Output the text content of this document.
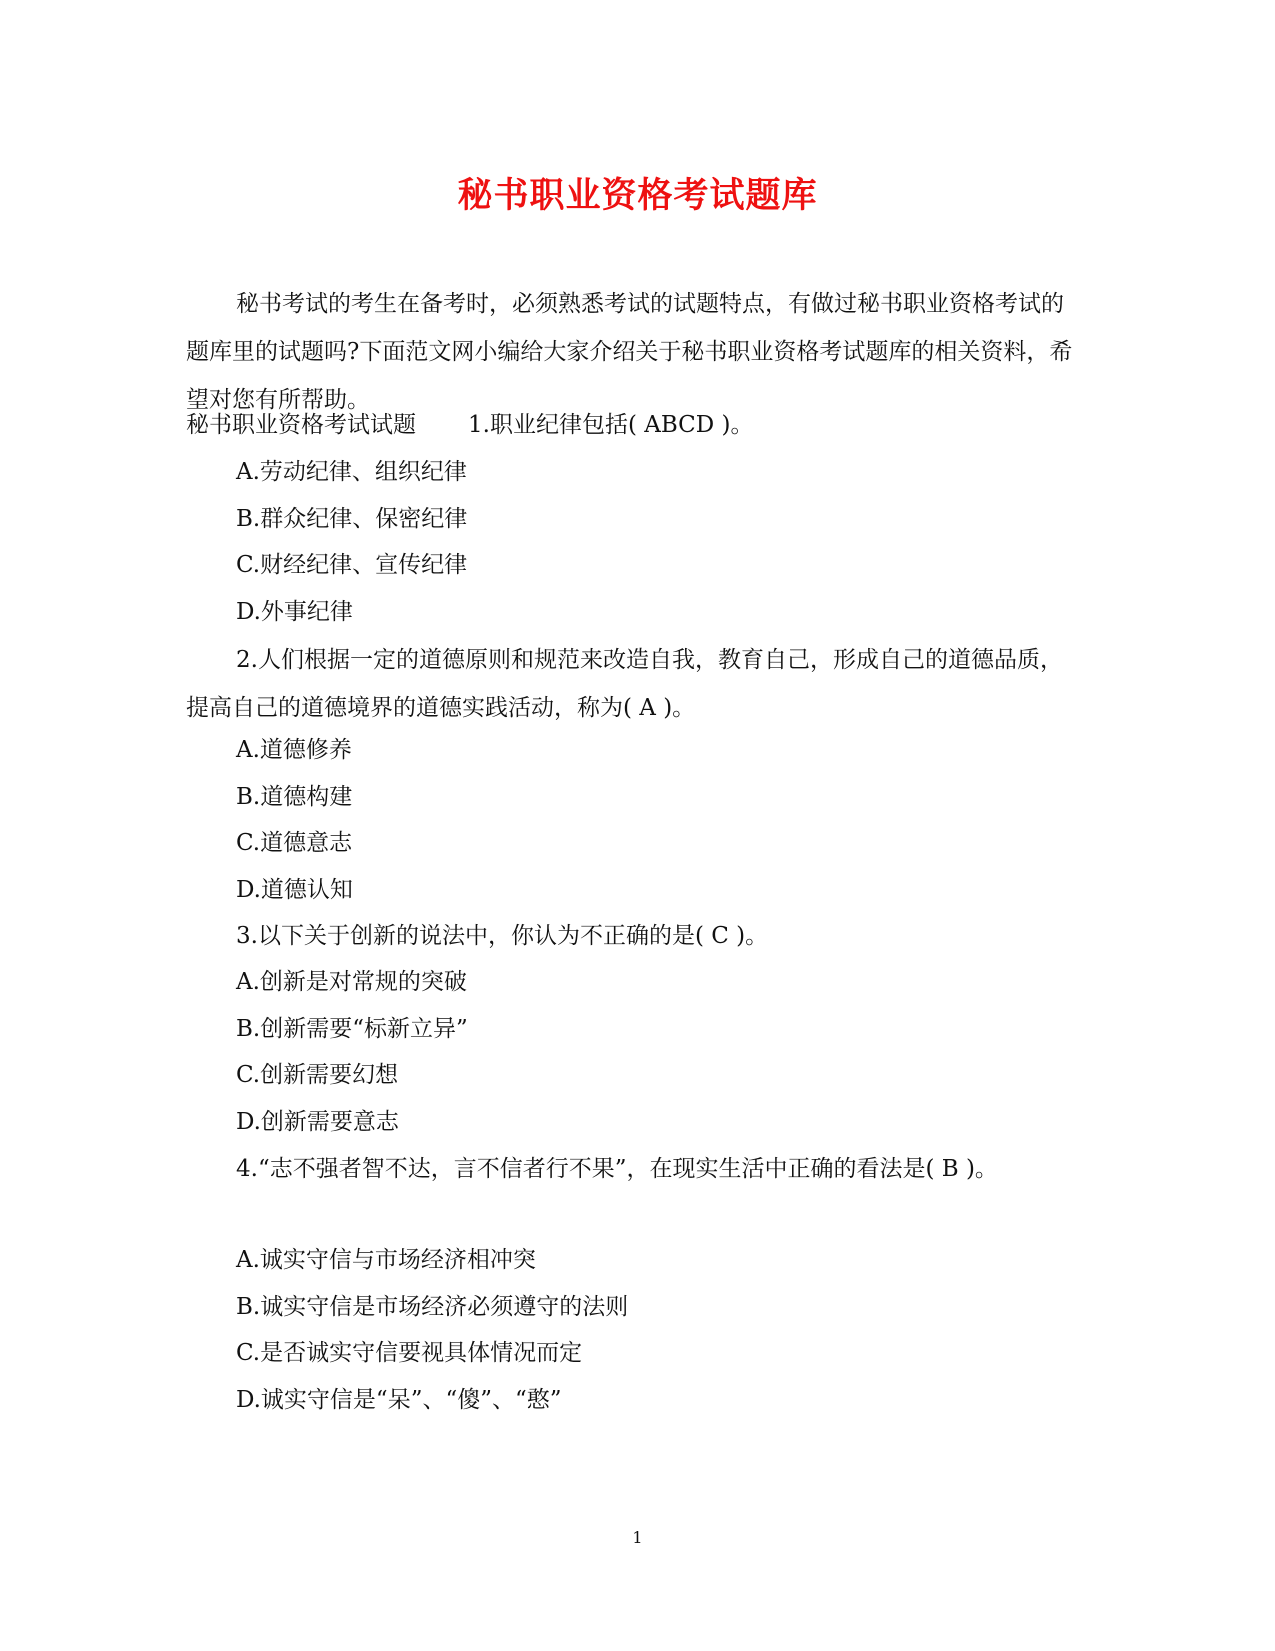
秘书职业资格考试题库

秘书考试的考生在备考时，必须熟悉考试的试题特点，有做过秘书职业资格考试的题库里的试题吗?下面范文网小编给大家介绍关于秘书职业资格考试题库的相关资料，希望对您有所帮助。

秘书职业资格考试试题 1.职业纪律包括( ABCD )。

A.劳动纪律、组织纪律

B.群众纪律、保密纪律

C.财经纪律、宣传纪律

D.外事纪律

2.人们根据一定的道德原则和规范来改造自我，教育自己，形成自己的道德品质，提高自己的道德境界的道德实践活动，称为( A )。

A.道德修养

B.道德构建

C.道德意志

D.道德认知

3.以下关于创新的说法中，你认为不正确的是( C )。

A.创新是对常规的突破

B.创新需要“标新立异”

C.创新需要幻想

D.创新需要意志

4.“志不强者智不达，言不信者行不果”，在现实生活中正确的看法是( B )。

A.诚实守信与市场经济相冲突

B.诚实守信是市场经济必须遵守的法则

C.是否诚实守信要视具体情况而定

D.诚实守信是“呆”、“傻”、“憨”

1
